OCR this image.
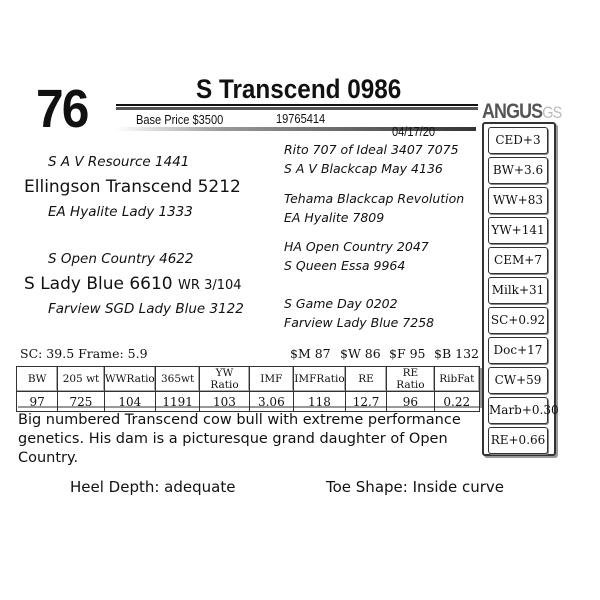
76	S Transcend 0986
Base Price $3500	19765414
04/17/20
ANGUSGS
S A V Resource 1441
Ellingson Transcend 5212
EA Hyalite Lady 1333
S Open Country 4622
S Lady Blue 6610 WR 3/104
Farview SGD Lady Blue 3122
Rito 707 of Ideal 3407 7075
S A V Blackcap May 4136
Tehama Blackcap Revolution
EA Hyalite 7809
HA Open Country 2047
S Queen Essa 9964
S Game Day 0202
Farview Lady Blue 7258
CED+3
BW+3.6
WW+83
YW+141
CEM+7
Milk+31
SC+0.92
Doc+17
CW+59
Marb+0.30
RE+0.66
SC: 39.5 Frame: 5.9	$M 87 $W 86 $F 95 $B 132
BW	205 wt	WWRatio	365wt	YW Ratio	IMF	IMFRatio	RE	RE Ratio	RibFat
97	725	104	1191	103	3.06	118	12.7	96	0.22
Big numbered Transcend cow bull with extreme performance genetics. His dam is a picturesque grand daughter of Open Country.
Heel Depth: adequate	Toe Shape: Inside curve
